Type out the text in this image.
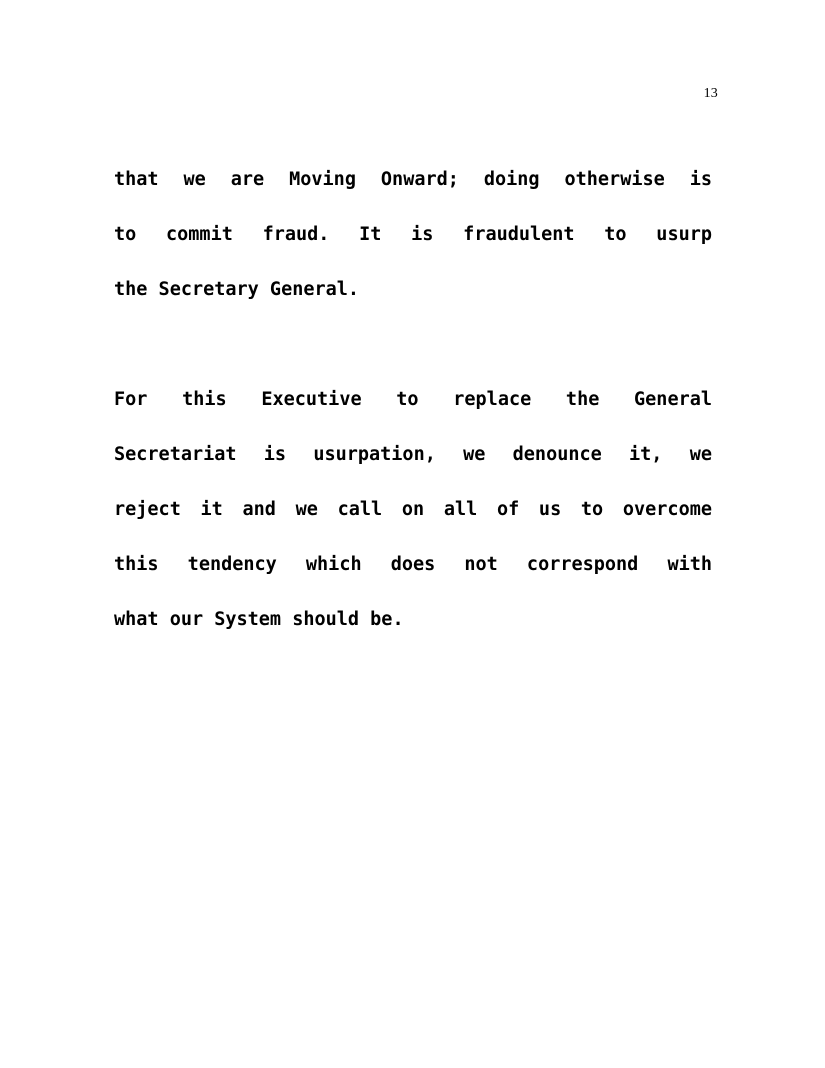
13

that we are Moving Onward; doing otherwise is
to commit fraud. It is fraudulent to usurp
the Secretary General.

For this Executive to replace the General
Secretariat is usurpation, we denounce it, we
reject it and we call on all of us to overcome
this tendency which does not correspond with
what our System should be.
